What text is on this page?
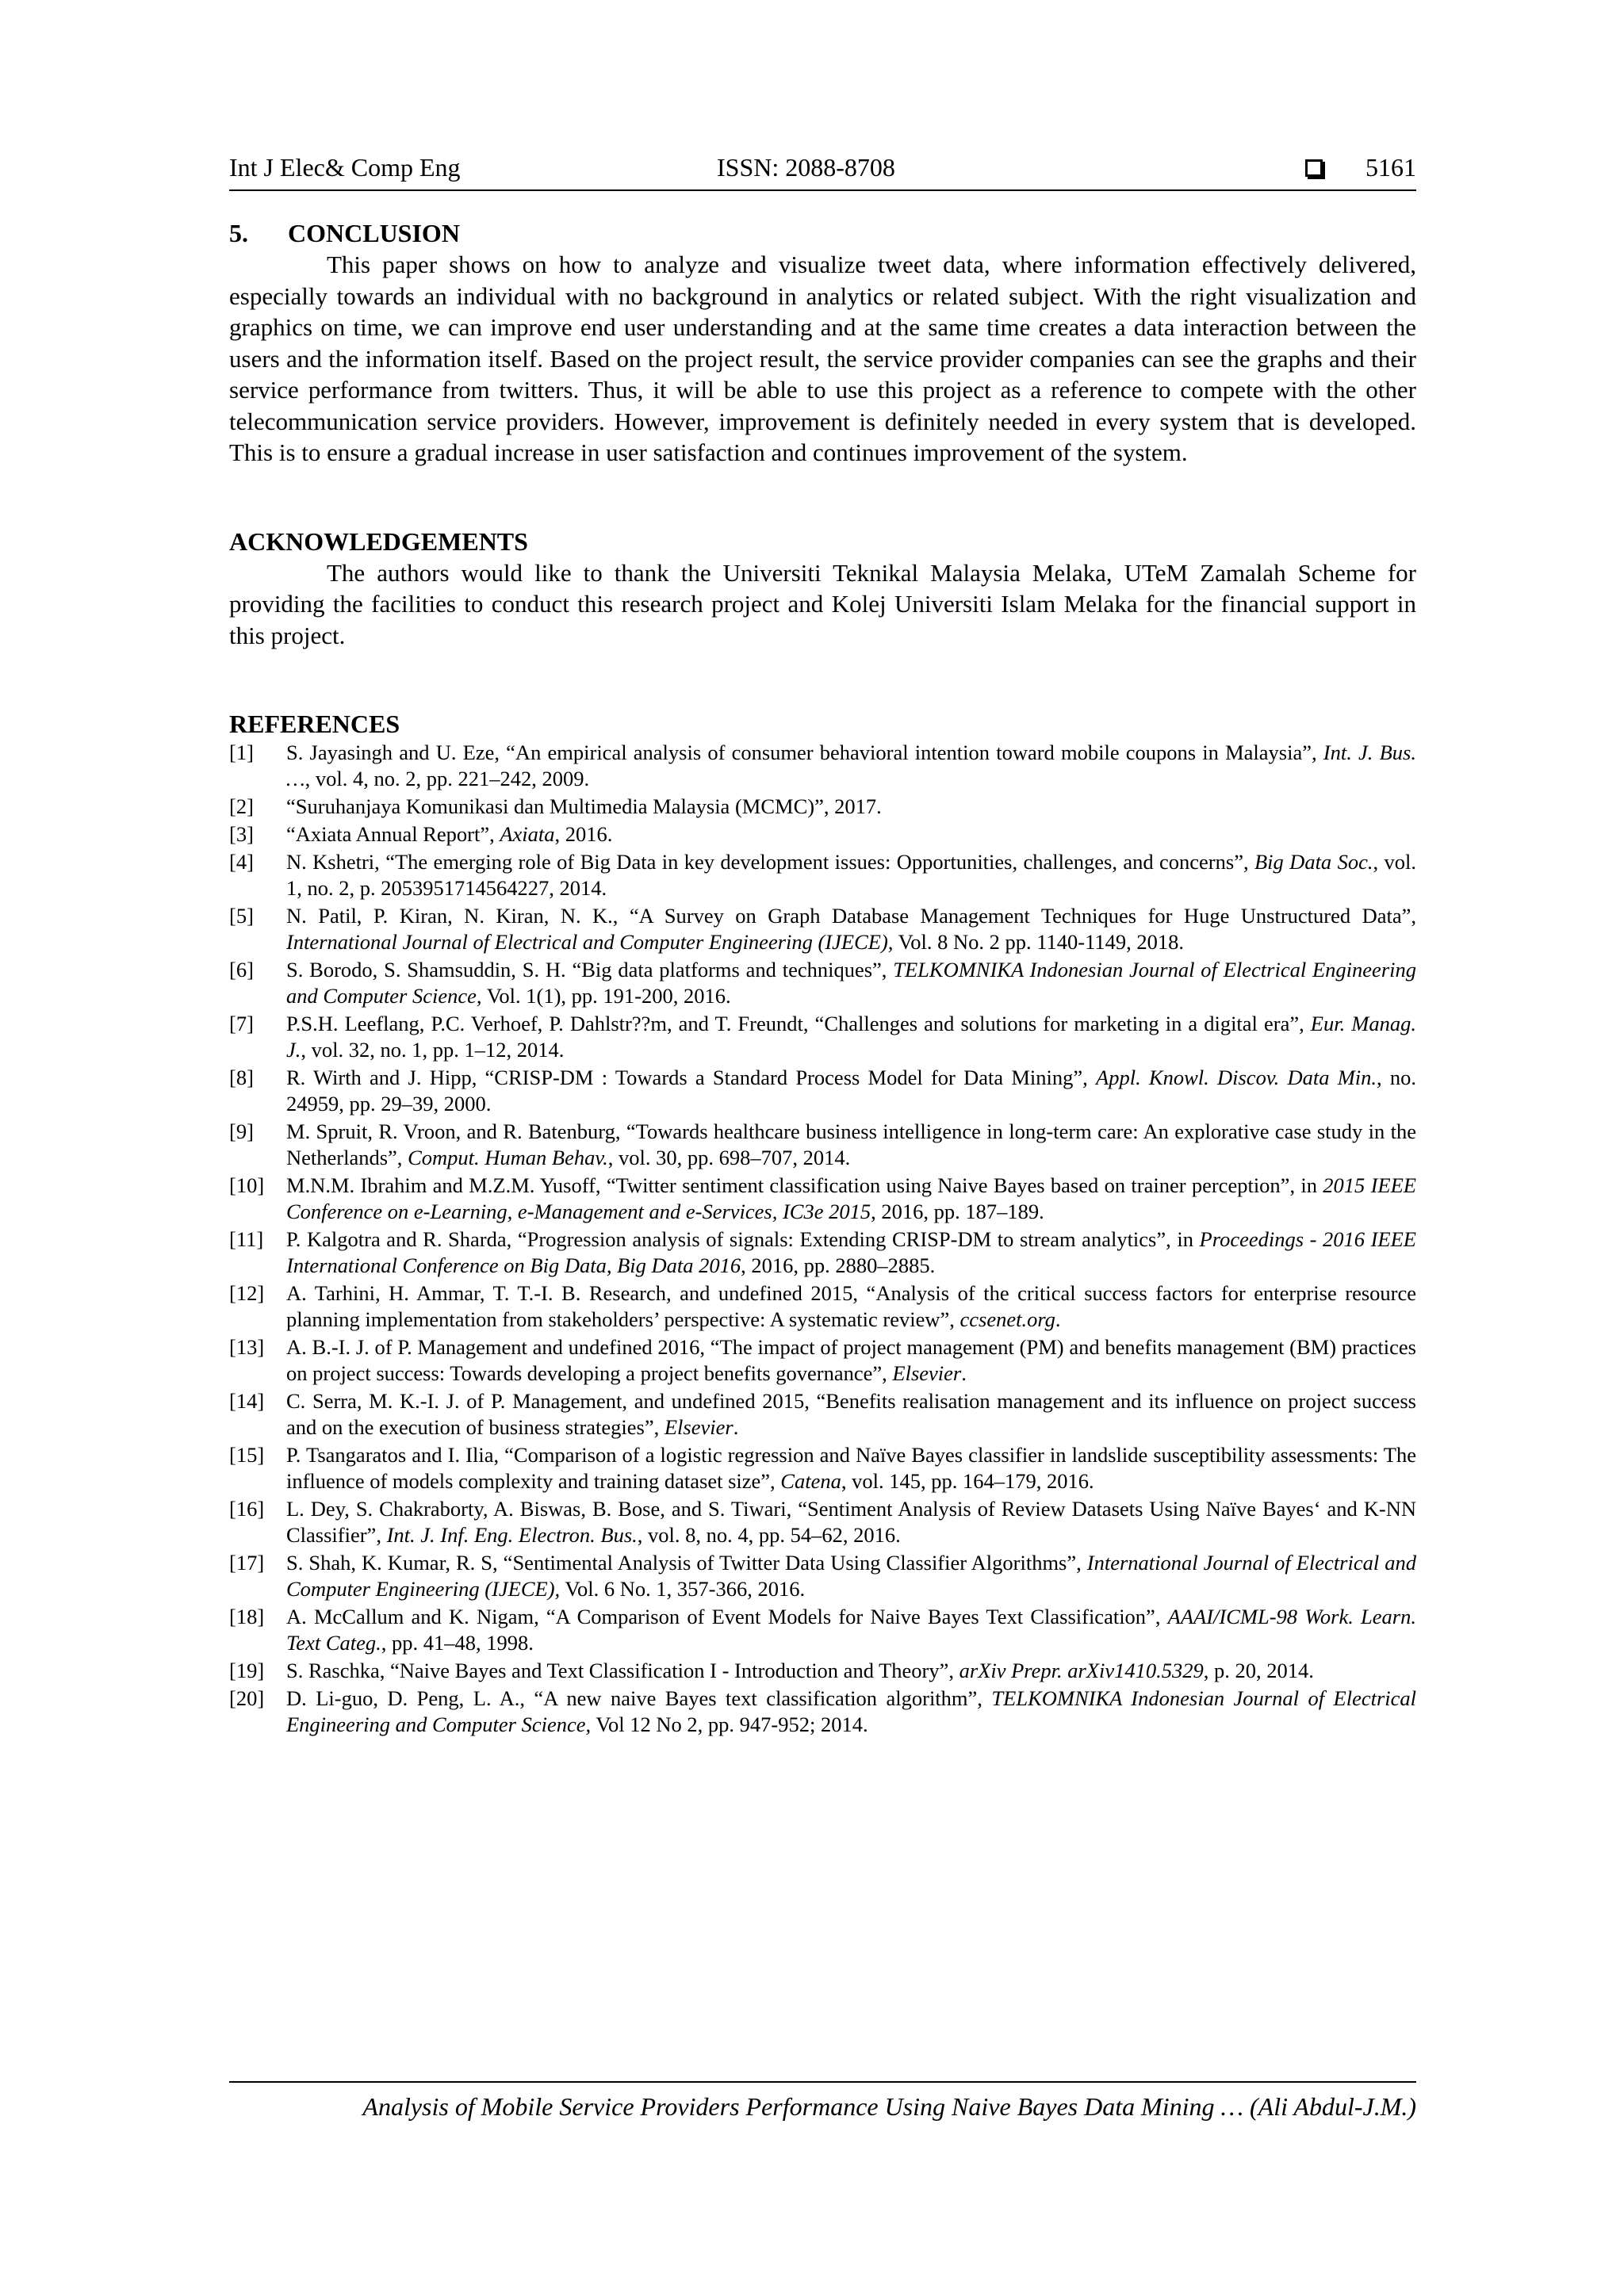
Int J Elec& Comp Eng	ISSN: 2088-8708	5161
5. CONCLUSION

This paper shows on how to analyze and visualize tweet data, where information effectively delivered, especially towards an individual with no background in analytics or related subject. With the right visualization and graphics on time, we can improve end user understanding and at the same time creates a data interaction between the users and the information itself. Based on the project result, the service provider companies can see the graphs and their service performance from twitters. Thus, it will be able to use this project as a reference to compete with the other telecommunication service providers. However, improvement is definitely needed in every system that is developed. This is to ensure a gradual increase in user satisfaction and continues improvement of the system.

ACKNOWLEDGEMENTS

The authors would like to thank the Universiti Teknikal Malaysia Melaka, UTeM Zamalah Scheme for providing the facilities to conduct this research project and Kolej Universiti Islam Melaka for the financial support in this project.

REFERENCES
[1] S. Jayasingh and U. Eze, “An empirical analysis of consumer behavioral intention toward mobile coupons in Malaysia”, Int. J. Bus. …, vol. 4, no. 2, pp. 221–242, 2009.
[2] “Suruhanjaya Komunikasi dan Multimedia Malaysia (MCMC)”, 2017.
[3] “Axiata Annual Report”, Axiata, 2016.
[4] N. Kshetri, “The emerging role of Big Data in key development issues: Opportunities, challenges, and concerns”, Big Data Soc., vol. 1, no. 2, p. 2053951714564227, 2014.
[5] N. Patil, P. Kiran, N. Kiran, N. K., “A Survey on Graph Database Management Techniques for Huge Unstructured Data”, International Journal of Electrical and Computer Engineering (IJECE), Vol. 8 No. 2 pp. 1140-1149, 2018.
[6] S. Borodo, S. Shamsuddin, S. H. “Big data platforms and techniques”, TELKOMNIKA Indonesian Journal of Electrical Engineering and Computer Science, Vol. 1(1), pp. 191-200, 2016.
[7] P.S.H. Leeflang, P.C. Verhoef, P. Dahlstr??m, and T. Freundt, “Challenges and solutions for marketing in a digital era”, Eur. Manag. J., vol. 32, no. 1, pp. 1–12, 2014.
[8] R. Wirth and J. Hipp, “CRISP-DM : Towards a Standard Process Model for Data Mining”, Appl. Knowl. Discov. Data Min., no. 24959, pp. 29–39, 2000.
[9] M. Spruit, R. Vroon, and R. Batenburg, “Towards healthcare business intelligence in long-term care: An explorative case study in the Netherlands”, Comput. Human Behav., vol. 30, pp. 698–707, 2014.
[10] M.N.M. Ibrahim and M.Z.M. Yusoff, “Twitter sentiment classification using Naive Bayes based on trainer perception”, in 2015 IEEE Conference on e-Learning, e-Management and e-Services, IC3e 2015, 2016, pp. 187–189.
[11] P. Kalgotra and R. Sharda, “Progression analysis of signals: Extending CRISP-DM to stream analytics”, in Proceedings - 2016 IEEE International Conference on Big Data, Big Data 2016, 2016, pp. 2880–2885.
[12] A. Tarhini, H. Ammar, T. T.-I. B. Research, and undefined 2015, “Analysis of the critical success factors for enterprise resource planning implementation from stakeholders’ perspective: A systematic review”, ccsenet.org.
[13] A. B.-I. J. of P. Management and undefined 2016, “The impact of project management (PM) and benefits management (BM) practices on project success: Towards developing a project benefits governance”, Elsevier.
[14] C. Serra, M. K.-I. J. of P. Management, and undefined 2015, “Benefits realisation management and its influence on project success and on the execution of business strategies”, Elsevier.
[15] P. Tsangaratos and I. Ilia, “Comparison of a logistic regression and Naïve Bayes classifier in landslide susceptibility assessments: The influence of models complexity and training dataset size”, Catena, vol. 145, pp. 164–179, 2016.
[16] L. Dey, S. Chakraborty, A. Biswas, B. Bose, and S. Tiwari, “Sentiment Analysis of Review Datasets Using Naïve Bayes‘ and K-NN Classifier”, Int. J. Inf. Eng. Electron. Bus., vol. 8, no. 4, pp. 54–62, 2016.
[17] S. Shah, K. Kumar, R. S, “Sentimental Analysis of Twitter Data Using Classifier Algorithms”, International Journal of Electrical and Computer Engineering (IJECE), Vol. 6 No. 1, 357-366, 2016.
[18] A. McCallum and K. Nigam, “A Comparison of Event Models for Naive Bayes Text Classification”, AAAI/ICML-98 Work. Learn. Text Categ., pp. 41–48, 1998.
[19] S. Raschka, “Naive Bayes and Text Classification I - Introduction and Theory”, arXiv Prepr. arXiv1410.5329, p. 20, 2014.
[20] D. Li-guo, D. Peng, L. A., “A new naive Bayes text classification algorithm”, TELKOMNIKA Indonesian Journal of Electrical Engineering and Computer Science, Vol 12 No 2, pp. 947-952; 2014.
Analysis of Mobile Service Providers Performance Using Naive Bayes Data Mining … (Ali Abdul-J.M.)
